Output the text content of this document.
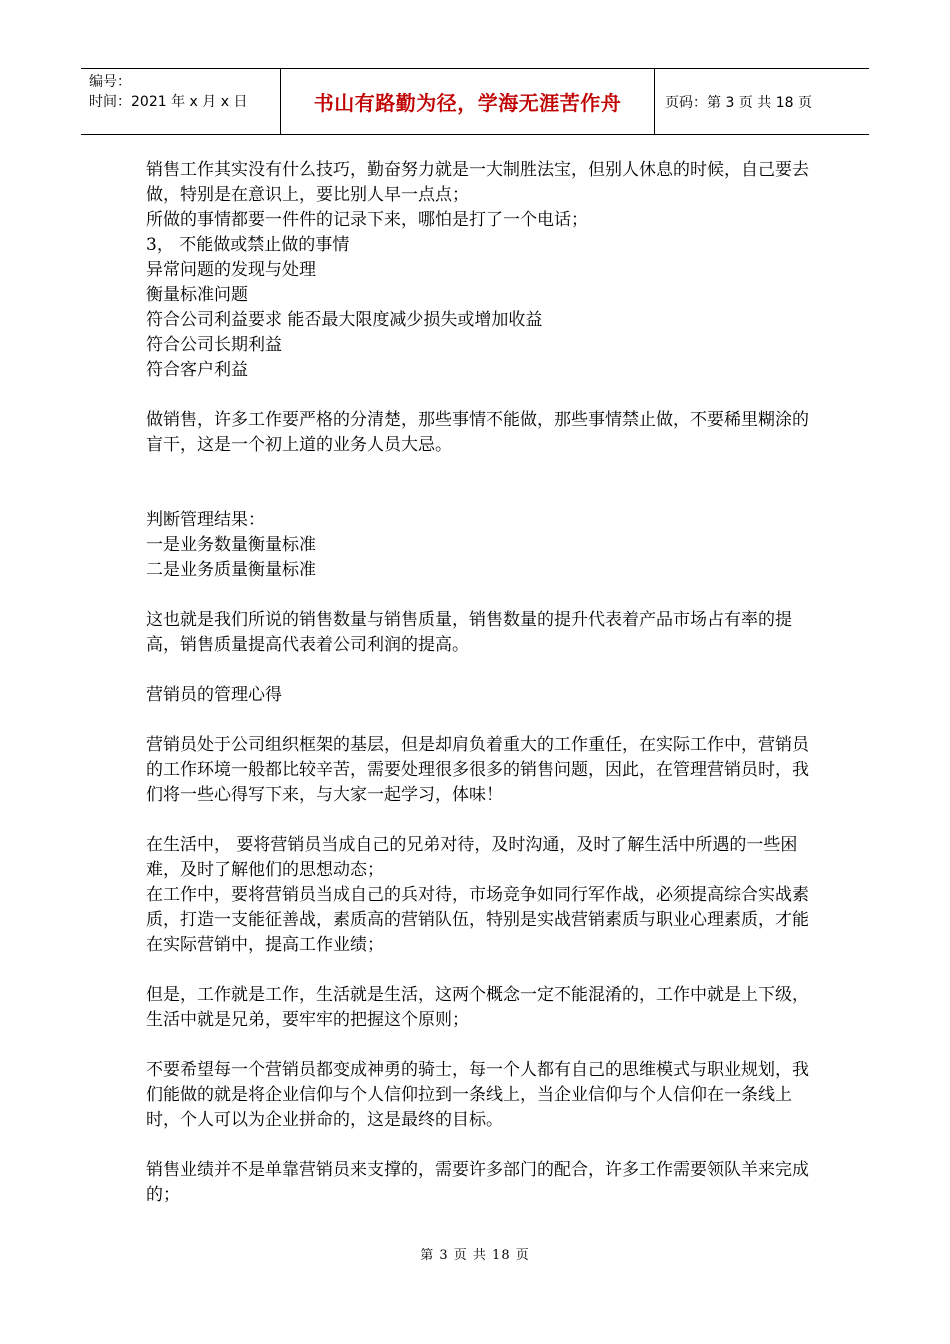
编号：
时间：2021 年 x 月 x 日	书山有路勤为径，学海无涯苦作舟	页码：第 3 页 共 18 页

销售工作其实没有什么技巧，勤奋努力就是一大制胜法宝，但别人休息的时候，自己要去做，特别是在意识上，要比别人早一点点；

所做的事情都要一件件的记录下来，哪怕是打了一个电话；

3， 不能做或禁止做的事情

异常问题的发现与处理

衡量标准问题

符合公司利益要求 能否最大限度减少损失或增加收益

符合公司长期利益

符合客户利益

做销售，许多工作要严格的分清楚，那些事情不能做，那些事情禁止做，不要稀里糊涂的盲干，这是一个初上道的业务人员大忌。

判断管理结果：

一是业务数量衡量标准

二是业务质量衡量标准

这也就是我们所说的销售数量与销售质量，销售数量的提升代表着产品市场占有率的提高，销售质量提高代表着公司利润的提高。

营销员的管理心得

营销员处于公司组织框架的基层，但是却肩负着重大的工作重任，在实际工作中，营销员的工作环境一般都比较辛苦，需要处理很多很多的销售问题，因此，在管理营销员时，我们将一些心得写下来，与大家一起学习，体味！

在生活中， 要将营销员当成自己的兄弟对待，及时沟通，及时了解生活中所遇的一些困难，及时了解他们的思想动态；

在工作中，要将营销员当成自己的兵对待，市场竞争如同行军作战，必须提高综合实战素质，打造一支能征善战，素质高的营销队伍，特别是实战营销素质与职业心理素质，才能在实际营销中，提高工作业绩；

但是，工作就是工作，生活就是生活，这两个概念一定不能混淆的，工作中就是上下级，生活中就是兄弟，要牢牢的把握这个原则；

不要希望每一个营销员都变成神勇的骑士，每一个人都有自己的思维模式与职业规划，我们能做的就是将企业信仰与个人信仰拉到一条线上，当企业信仰与个人信仰在一条线上时，个人可以为企业拼命的，这是最终的目标。

销售业绩并不是单靠营销员来支撑的，需要许多部门的配合，许多工作需要领队羊来完成的；

第 3 页 共 18 页
